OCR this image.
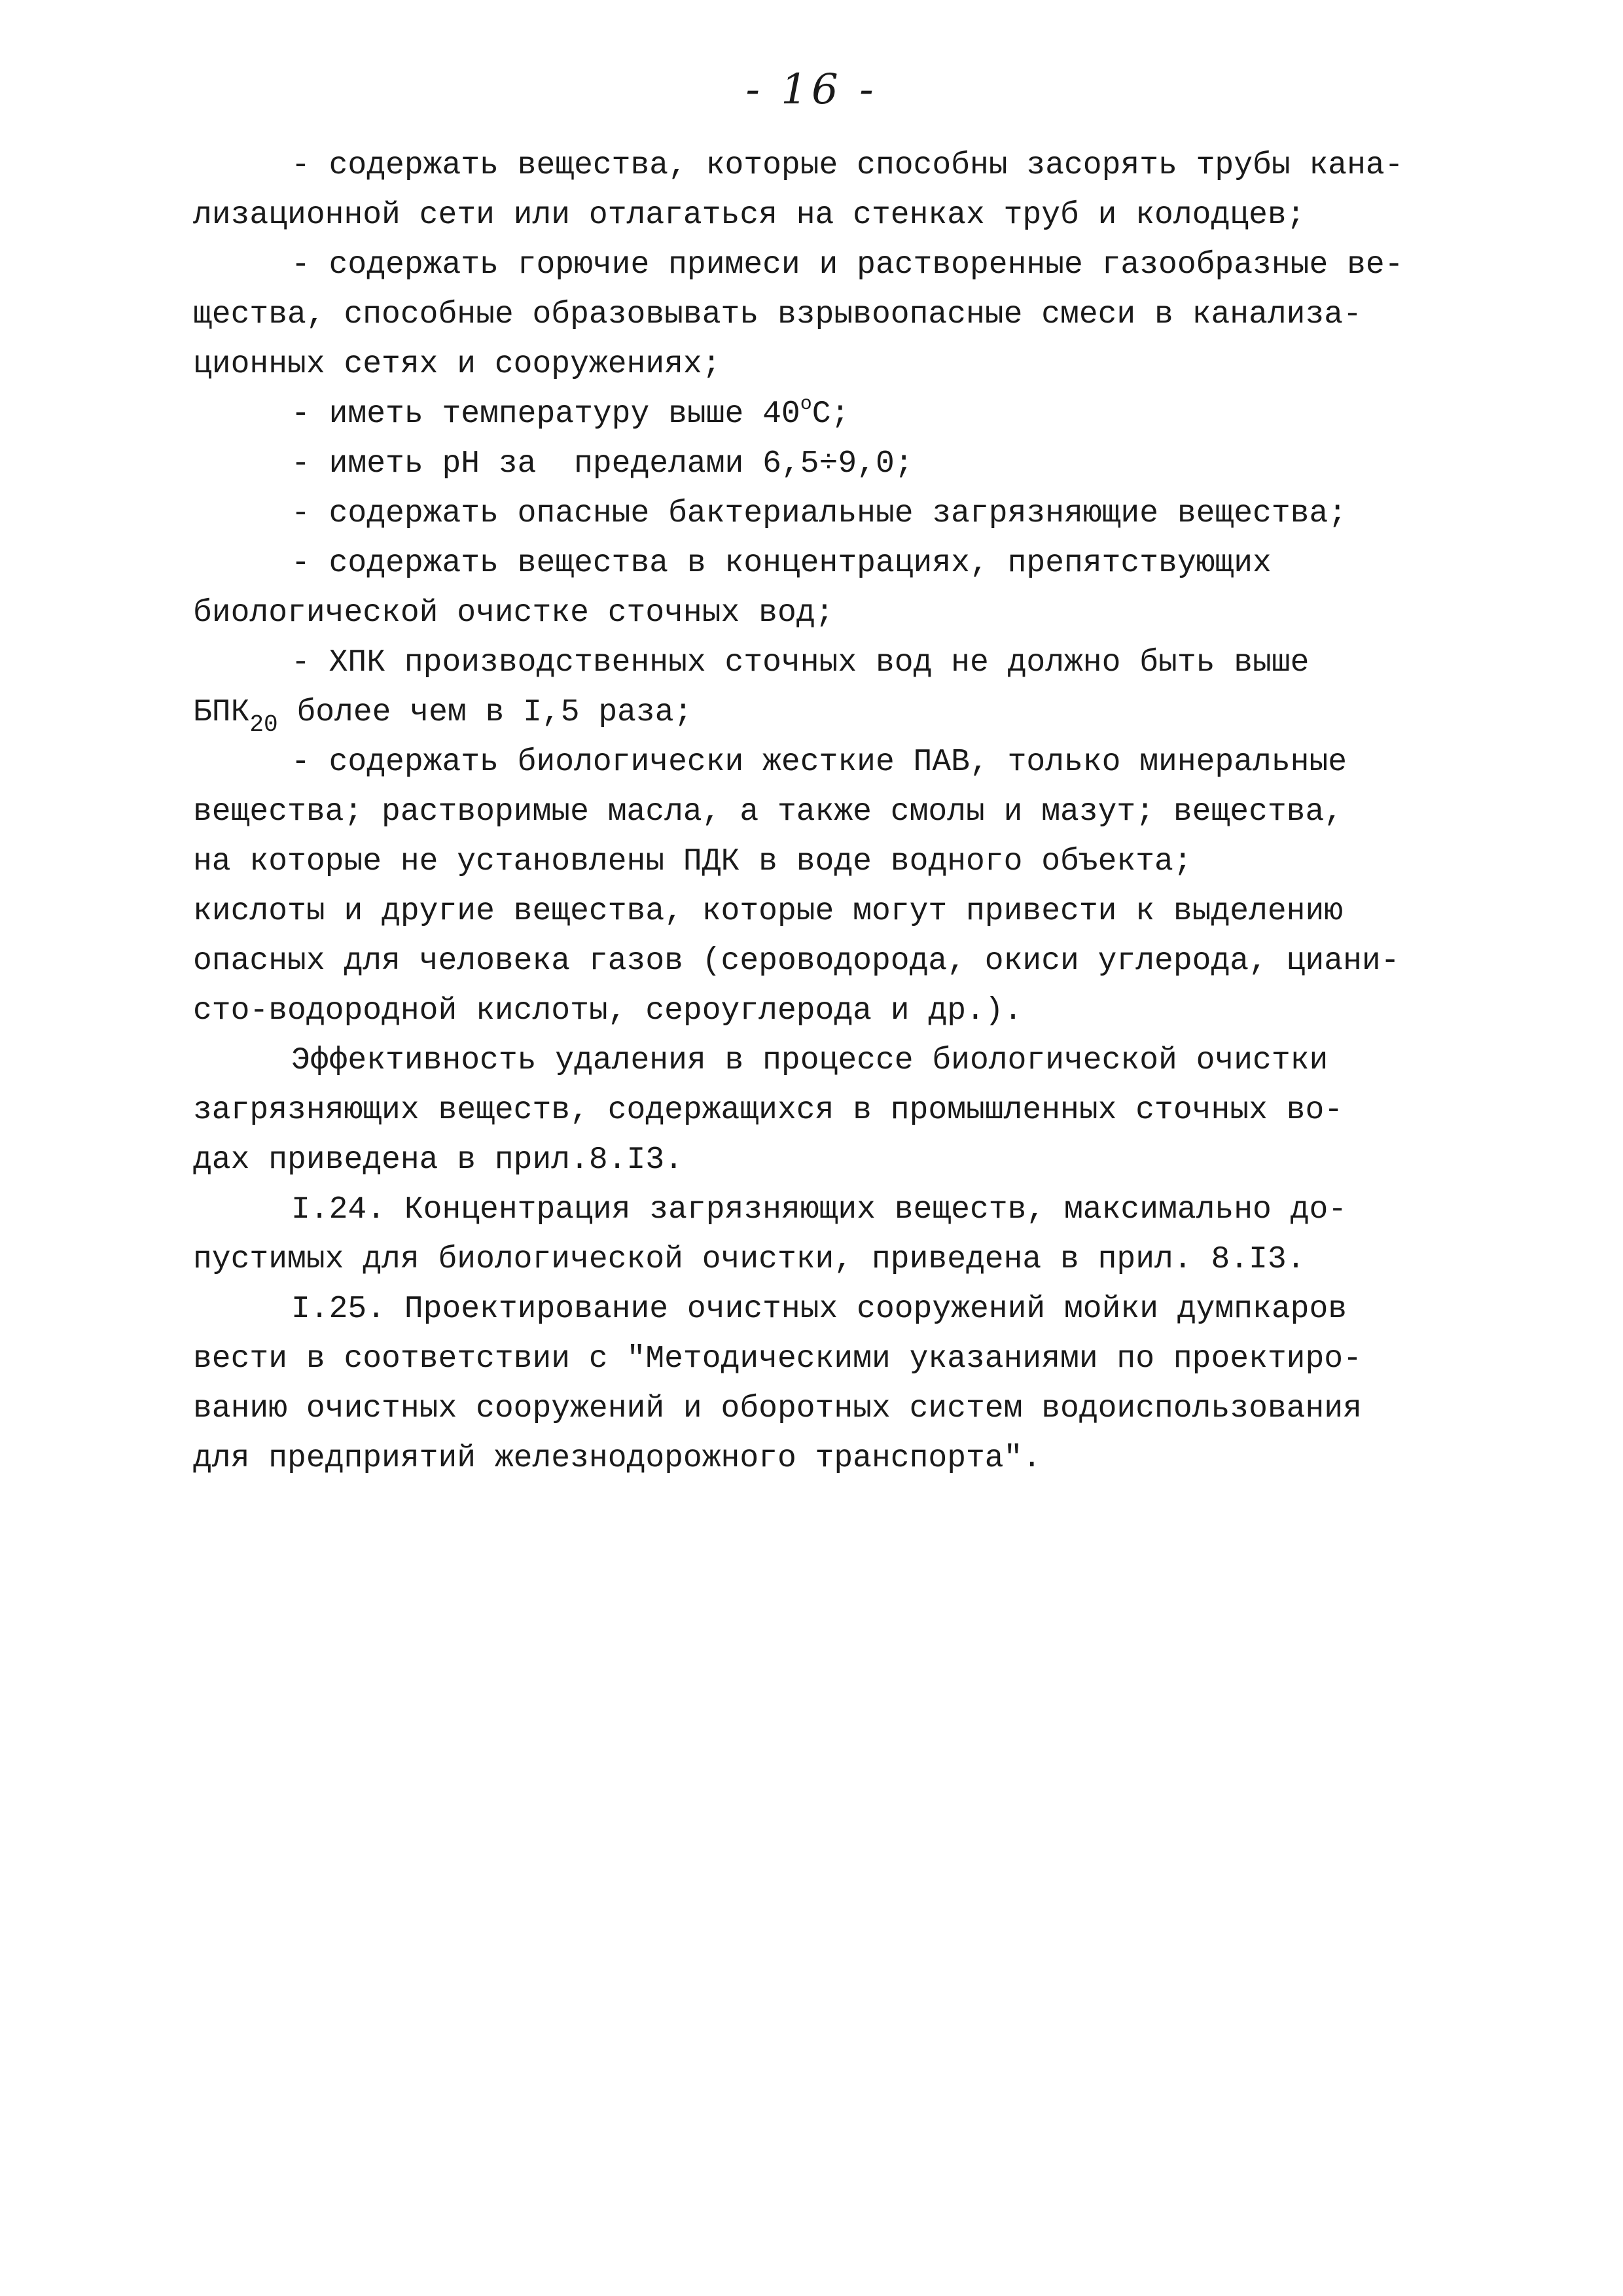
- 16 -
- содержать вещества, которые способны засорять трубы кана-
лизационной сети или отлагаться на стенках труб и колодцев;
- содержать горючие примеси и растворенные газообразные ве-
щества, способные образовывать взрывоопасные смеси в канализа-
ционных сетях и сооружениях;
- иметь температуру выше $40^оС$;
- иметь рН за  пределами 6,5÷9,0;
- содержать опасные бактериальные загрязняющие вещества;
- содержать вещества в концентрациях, препятствующих
биологической очистке сточных вод;
- ХПК производственных сточных вод не должно быть выше
$БПК_{20}$ более чем в I,5 раза;
- содержать биологически жесткие ПАВ, только минеральные
вещества; растворимые масла, а также смолы и мазут; вещества,
на которые не установлены ПДК в воде водного объекта;
кислоты и другие вещества, которые могут привести к выделению
опасных для человека газов (сероводорода, окиси углерода, циани-
сто-водородной кислоты, сероуглерода и др.).
Эффективность удаления в процессе биологической очистки
загрязняющих веществ, содержащихся в промышленных сточных во-
дах приведена в прил.8.I3.
I.24. Концентрация загрязняющих веществ, максимально до-
пустимых для биологической очистки, приведена в прил. 8.I3.
I.25. Проектирование очистных сооружений мойки думпкаров
вести в соответствии с "Методическими указаниями по проектиро-
ванию очистных сооружений и оборотных систем водоиспользования
для предприятий железнодорожного транспорта".
